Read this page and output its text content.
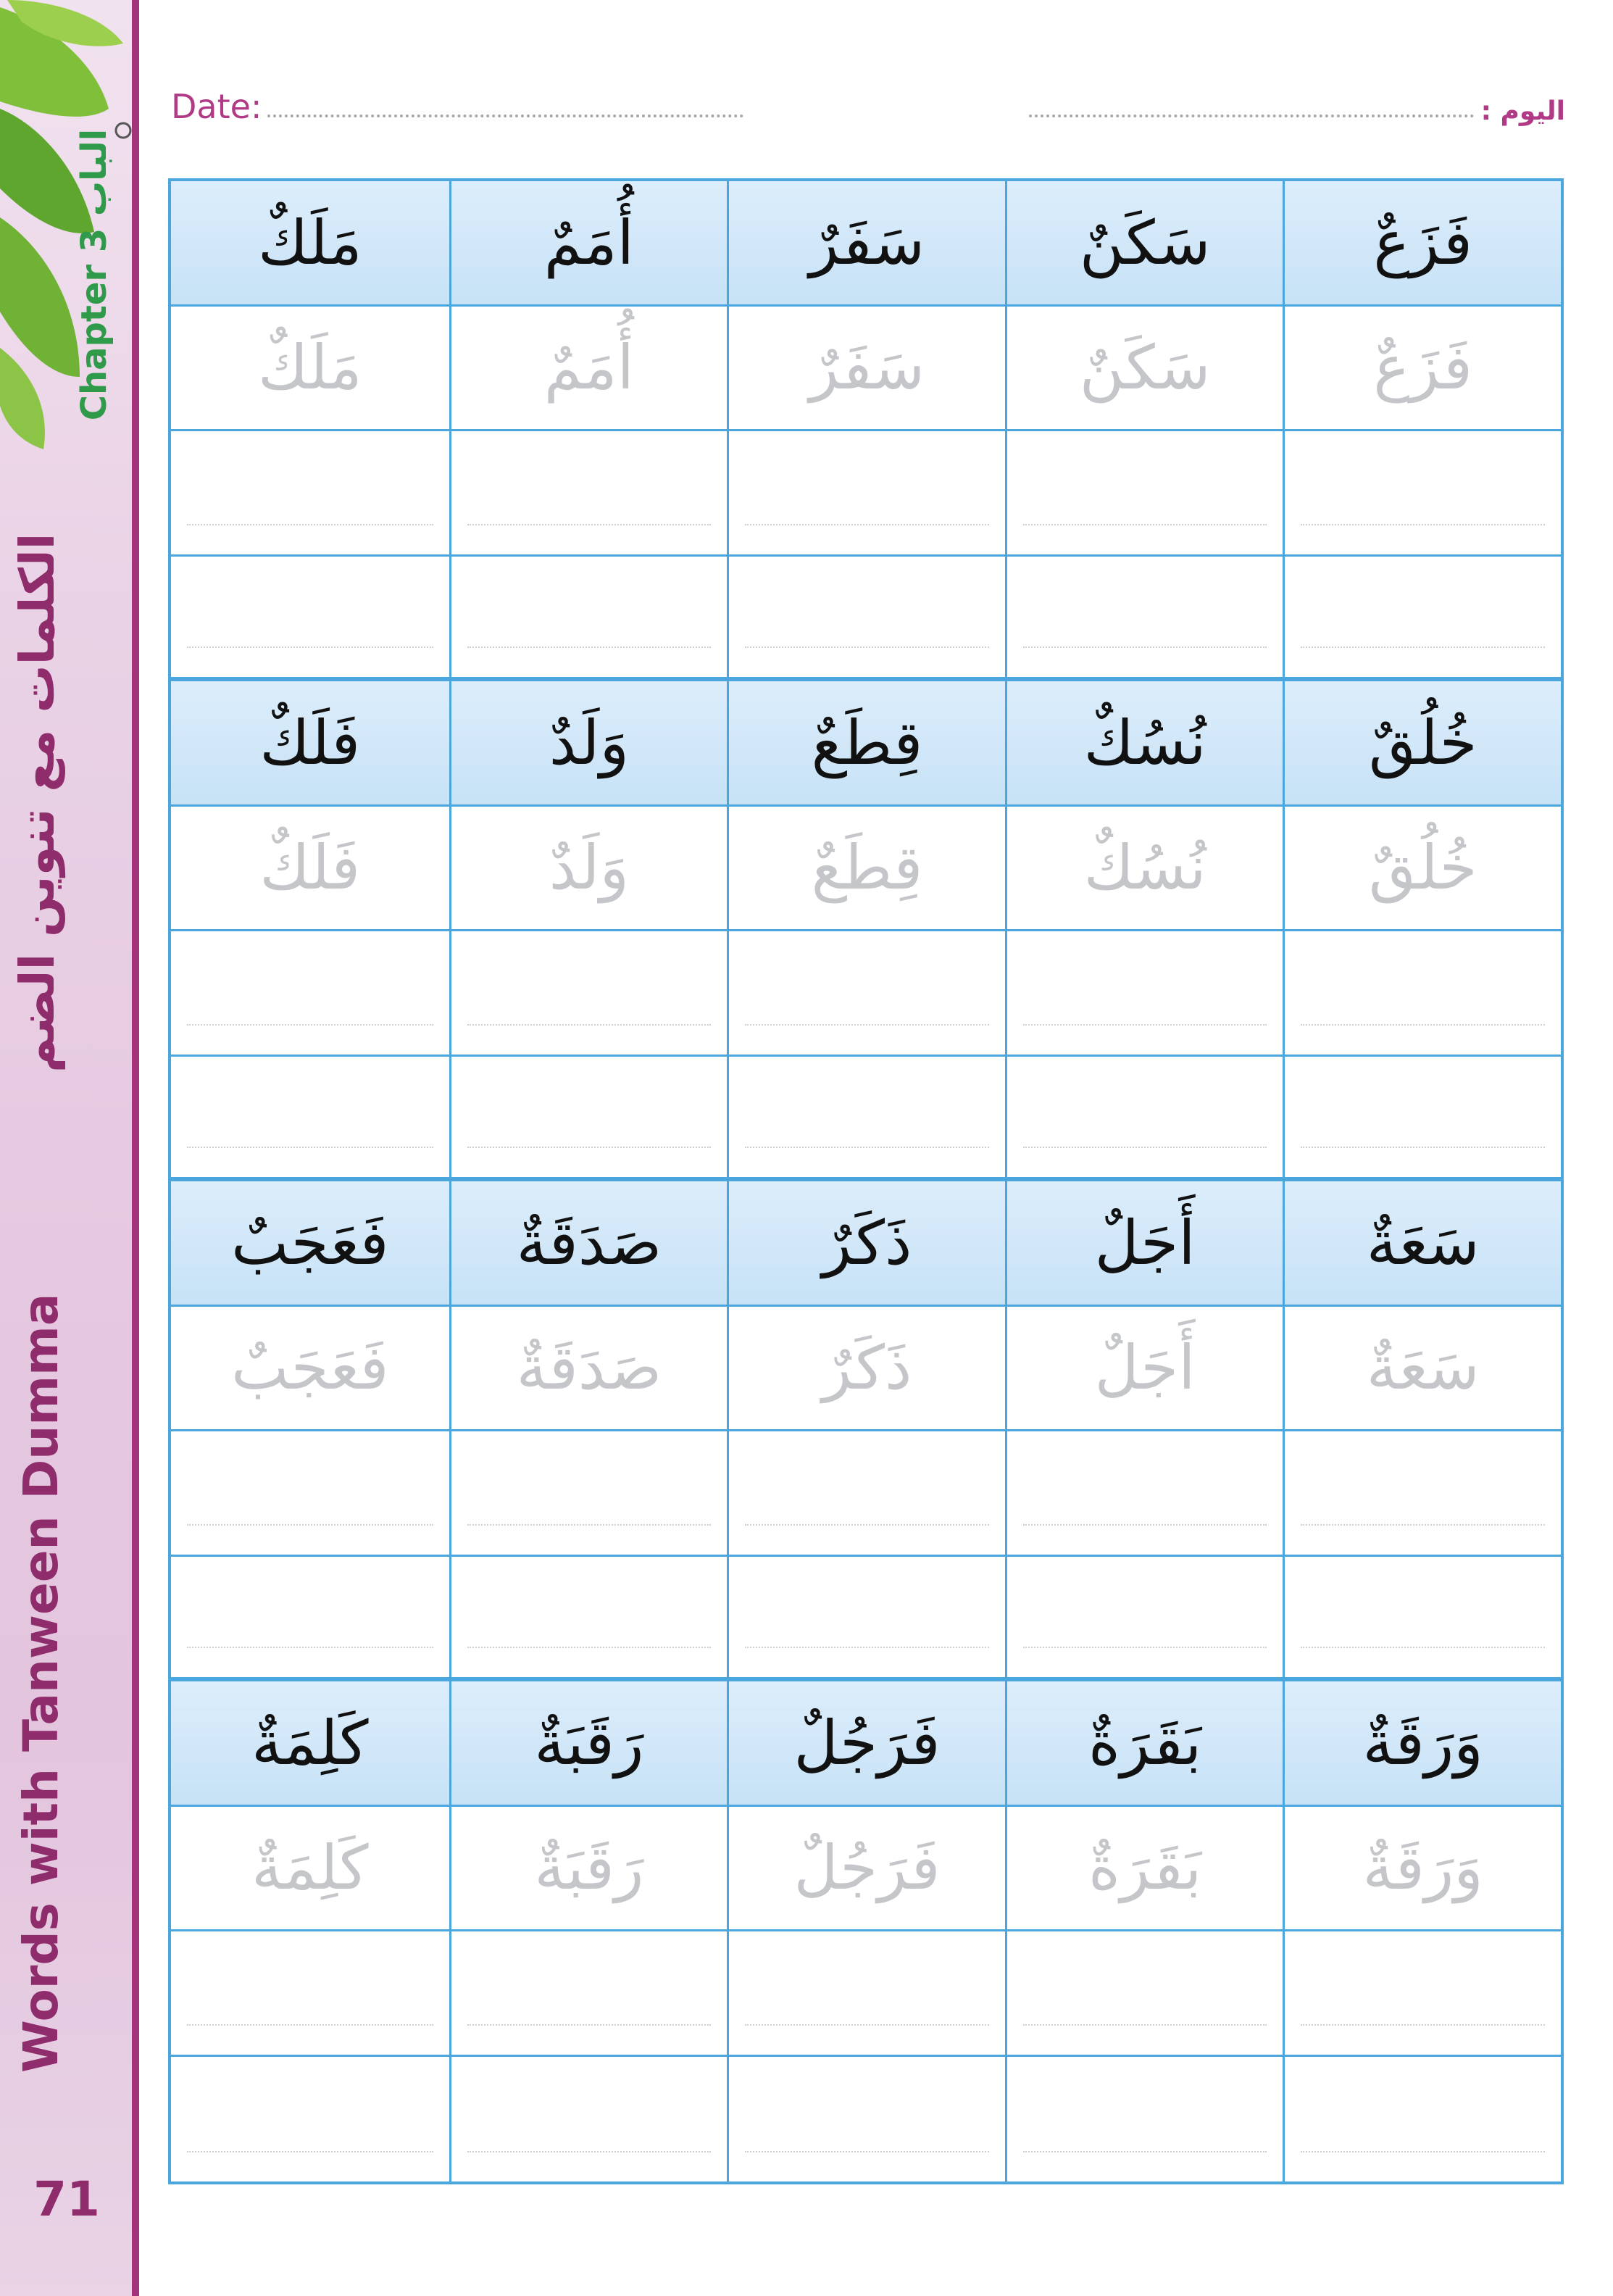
Chapter 3 الباب
الكلمات مع تنوين الضم
Words with Tanween Dumma
71
Date:	اليوم :
فَزَعٌ
سَكَنٌ
سَفَرٌ
أُمَمٌ
مَلَكٌ
فَزَعٌ
سَكَنٌ
سَفَرٌ
أُمَمٌ
مَلَكٌ
خُلُقٌ
نُسُكٌ
قِطَعٌ
وَلَدٌ
فَلَكٌ
خُلُقٌ
نُسُكٌ
قِطَعٌ
وَلَدٌ
فَلَكٌ
سَعَةٌ
أَجَلٌ
ذَكَرٌ
صَدَقَةٌ
فَعَجَبٌ
سَعَةٌ
أَجَلٌ
ذَكَرٌ
صَدَقَةٌ
فَعَجَبٌ
وَرَقَةٌ
بَقَرَةٌ
فَرَجُلٌ
رَقَبَةٌ
كَلِمَةٌ
وَرَقَةٌ
بَقَرَةٌ
فَرَجُلٌ
رَقَبَةٌ
كَلِمَةٌ
